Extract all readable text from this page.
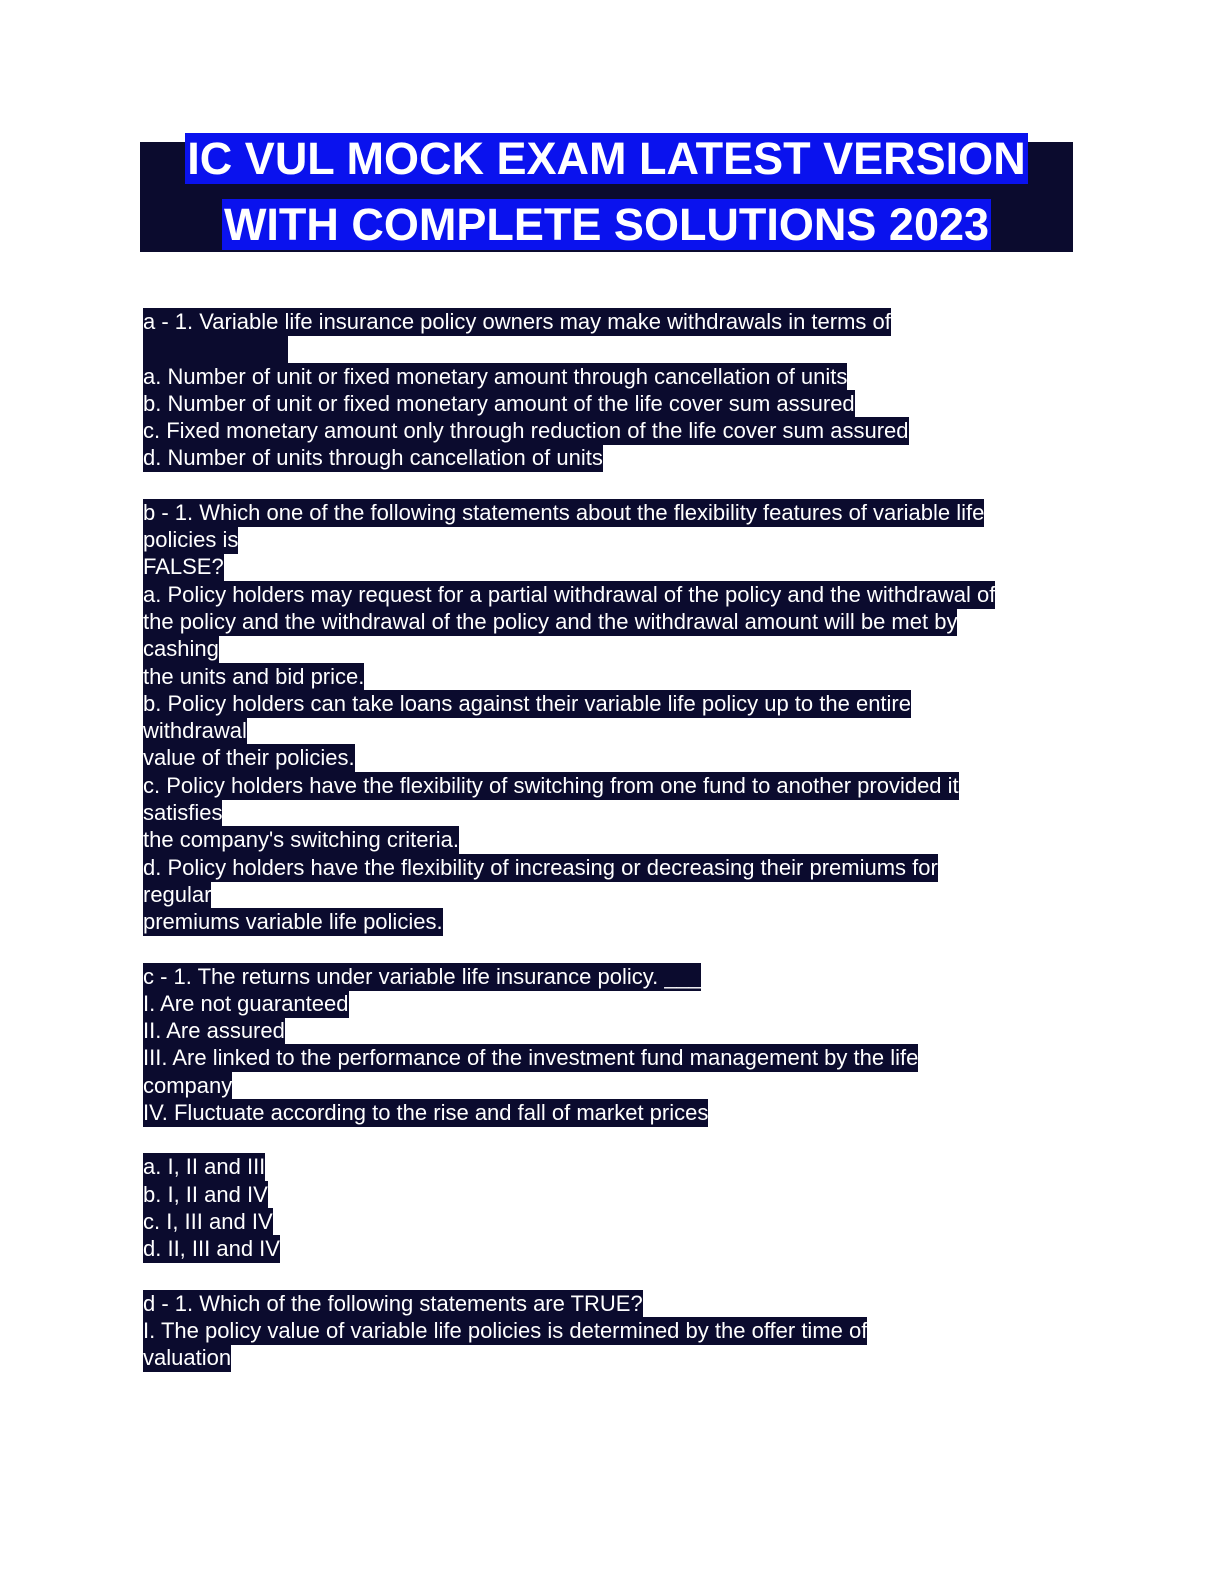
IC VUL MOCK EXAM LATEST VERSION
WITH COMPLETE SOLUTIONS 2023
a - 1. Variable life insurance policy owners may make withdrawals in terms of
a. Number of unit or fixed monetary amount through cancellation of units
b. Number of unit or fixed monetary amount of the life cover sum assured
c. Fixed monetary amount only through reduction of the life cover sum assured
d. Number of units through cancellation of units
b - 1. Which one of the following statements about the flexibility features of variable life
policies is
FALSE?
a. Policy holders may request for a partial withdrawal of the policy and the withdrawal of
the policy and the withdrawal of the policy and the withdrawal amount will be met by
cashing
the units and bid price.
b. Policy holders can take loans against their variable life policy up to the entire
withdrawal
value of their policies.
c. Policy holders have the flexibility of switching from one fund to another provided it
satisfies
the company's switching criteria.
d. Policy holders have the flexibility of increasing or decreasing their premiums for
regular
premiums variable life policies.
c - 1. The returns under variable life insurance policy. ___
I. Are not guaranteed
II. Are assured
III. Are linked to the performance of the investment fund management by the life
company
IV. Fluctuate according to the rise and fall of market prices
a. I, II and III
b. I, II and IV
c. I, III and IV
d. II, III and IV
d - 1. Which of the following statements are TRUE?
I. The policy value of variable life policies is determined by the offer time of
valuation
